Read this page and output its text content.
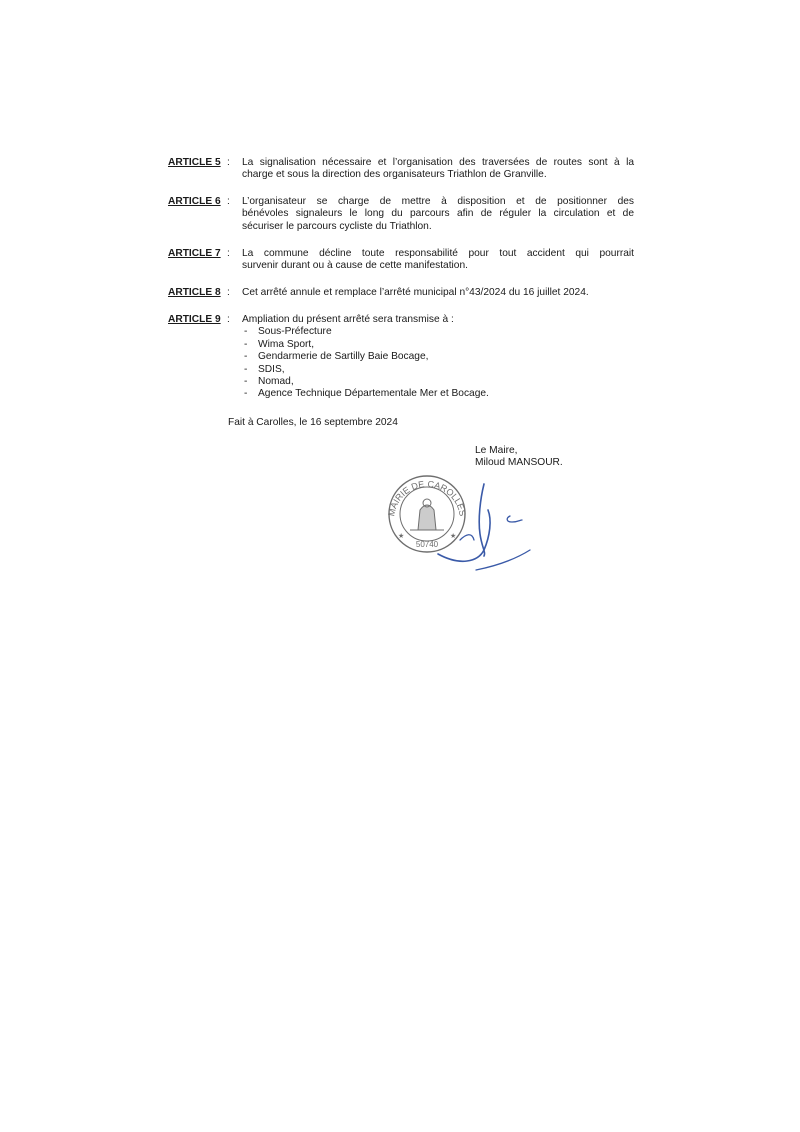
ARTICLE 5 : La signalisation nécessaire et l’organisation des traversées de routes sont à la
charge et sous la direction des organisateurs Triathlon de Granville.
ARTICLE 6 : L’organisateur se charge de mettre à disposition et de positionner des
bénévoles signaleurs le long du parcours afin de réguler la circulation et de
sécuriser le parcours cycliste du Triathlon.
ARTICLE 7 : La commune décline toute responsabilité pour tout accident qui pourrait
survenir durant ou à cause de cette manifestation.
ARTICLE 8 : Cet arrêté annule et remplace l’arrêté municipal n°43/2024 du 16 juillet 2024.
ARTICLE 9 : Ampliation du présent arrêté sera transmise à :
- Sous-Préfecture
- Wima Sport,
- Gendarmerie de Sartilly Baie Bocage,
- SDIS,
- Nomad,
- Agence Technique Départementale Mer et Bocage.
Fait à Carolles, le 16 septembre 2024
Le Maire,
Miloud MANSOUR.
MAIRIE DE CAROLLES
50740
★	★
